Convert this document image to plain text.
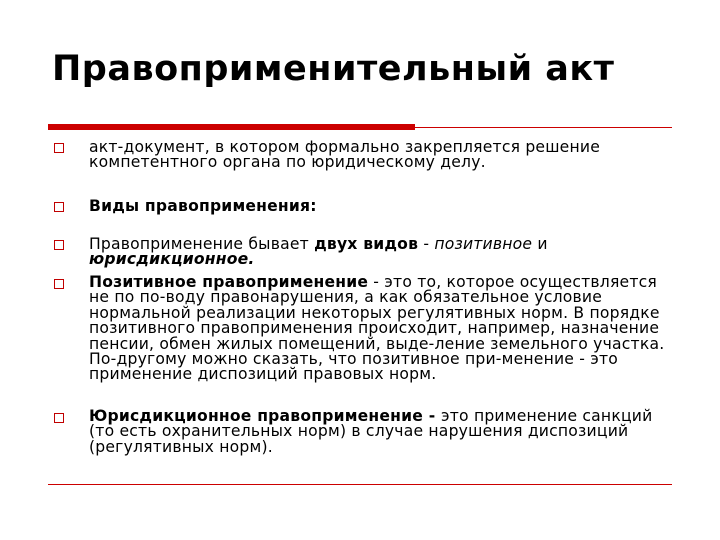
Правоприменительный акт

акт-документ, в котором формально закрепляется решение компетентного органа по юридическому делу.

Виды правоприменения:

Правоприменение бывает двух видов - позитивное и юрисдикционное.

Позитивное правоприменение - это то, которое осуществляется не по по-воду правонарушения, а как обязательное условие нормальной реализации некоторых регулятивных норм. В порядке позитивного правоприменения происходит, например, назначение пенсии, обмен жилых помещений, выде-ление земельного участка. По-другому можно сказать, что позитивное при-менение - это применение диспозиций правовых норм.

Юрисдикционное правоприменение - это применение санкций (то есть охранительных норм) в случае нарушения диспозиций (регулятивных норм).
